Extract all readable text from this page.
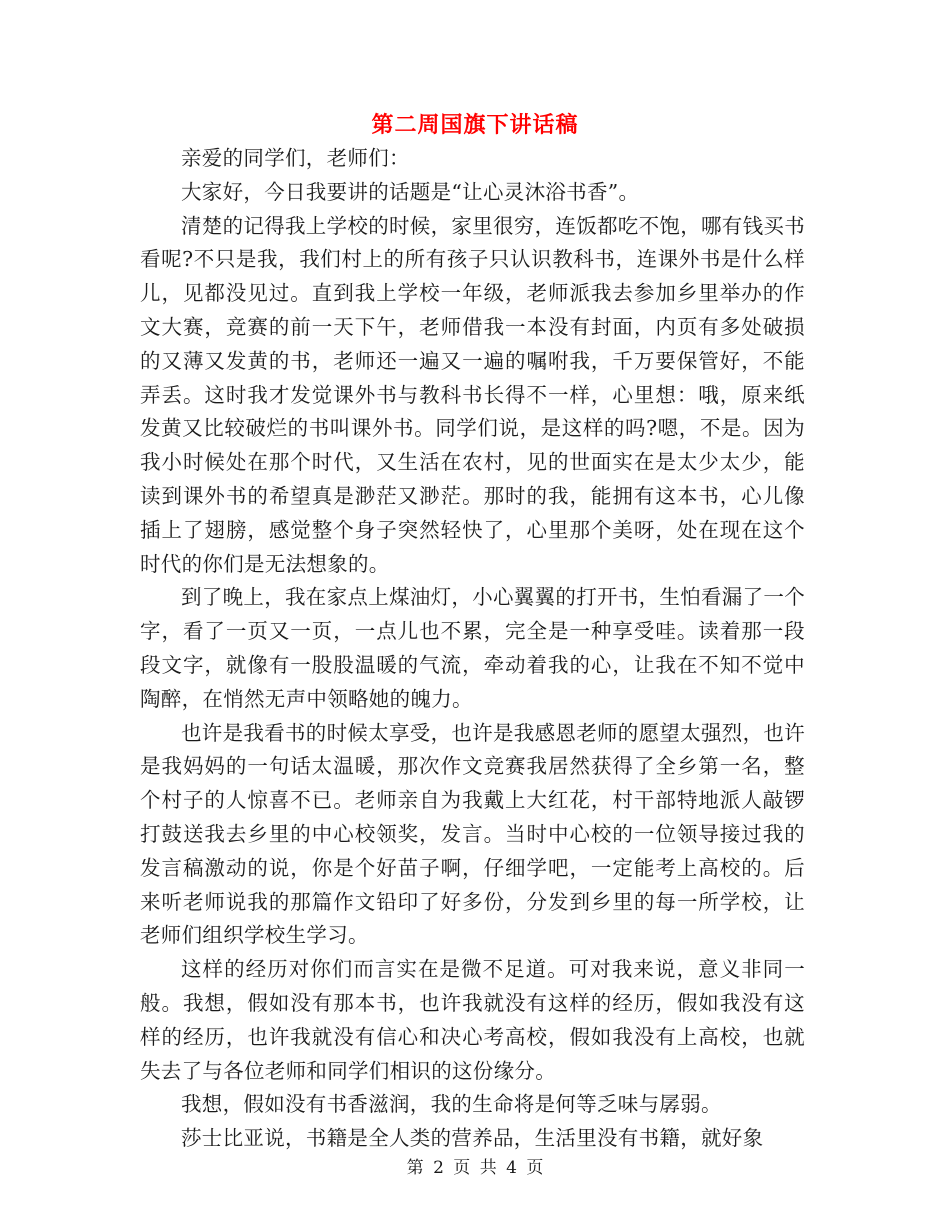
第二周国旗下讲话稿

亲爱的同学们，老师们：

大家好，今日我要讲的话题是“让心灵沐浴书香”。

清楚的记得我上学校的时候，家里很穷，连饭都吃不饱，哪有钱买书看呢?不只是我，我们村上的所有孩子只认识教科书，连课外书是什么样儿，见都没见过。直到我上学校一年级，老师派我去参加乡里举办的作文大赛，竞赛的前一天下午，老师借我一本没有封面，内页有多处破损的又薄又发黄的书，老师还一遍又一遍的嘱咐我，千万要保管好，不能弄丢。这时我才发觉课外书与教科书长得不一样，心里想：哦，原来纸发黄又比较破烂的书叫课外书。同学们说，是这样的吗?嗯，不是。因为我小时候处在那个时代，又生活在农村，见的世面实在是太少太少，能读到课外书的希望真是渺茫又渺茫。那时的我，能拥有这本书，心儿像插上了翅膀，感觉整个身子突然轻快了，心里那个美呀，处在现在这个时代的你们是无法想象的。

到了晚上，我在家点上煤油灯，小心翼翼的打开书，生怕看漏了一个字，看了一页又一页，一点儿也不累，完全是一种享受哇。读着那一段段文字，就像有一股股温暖的气流，牵动着我的心，让我在不知不觉中陶醉，在悄然无声中领略她的魄力。

也许是我看书的时候太享受，也许是我感恩老师的愿望太强烈，也许是我妈妈的一句话太温暖，那次作文竞赛我居然获得了全乡第一名，整个村子的人惊喜不已。老师亲自为我戴上大红花，村干部特地派人敲锣打鼓送我去乡里的中心校领奖，发言。当时中心校的一位领导接过我的发言稿激动的说，你是个好苗子啊，仔细学吧，一定能考上高校的。后来听老师说我的那篇作文铅印了好多份，分发到乡里的每一所学校，让老师们组织学校生学习。

这样的经历对你们而言实在是微不足道。可对我来说，意义非同一般。我想，假如没有那本书，也许我就没有这样的经历，假如我没有这样的经历，也许我就没有信心和决心考高校，假如我没有上高校，也就失去了与各位老师和同学们相识的这份缘分。

我想，假如没有书香滋润，我的生命将是何等乏味与孱弱。

莎士比亚说，书籍是全人类的营养品，生活里没有书籍，就好象

第 2 页 共 4 页
